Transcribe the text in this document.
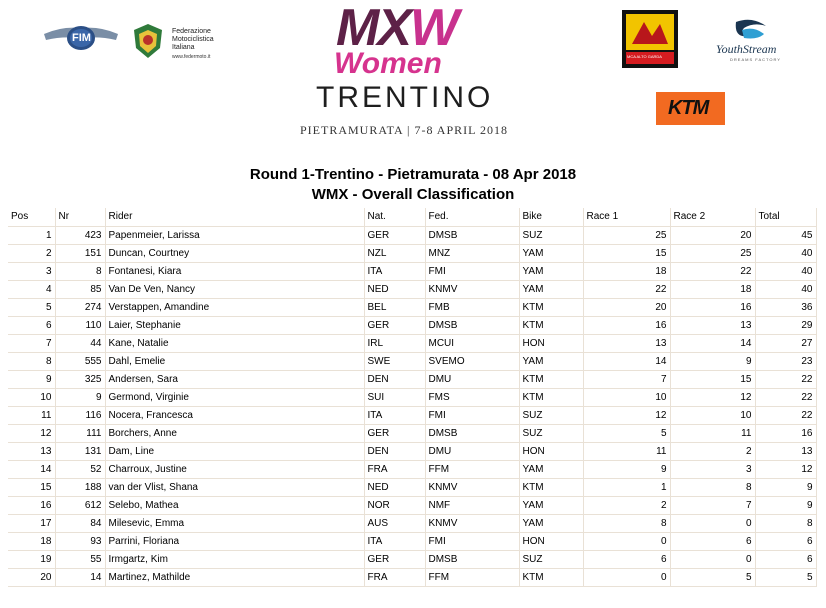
FIM
Federazione Motociclistica Italiana
www.federmoto.it MXW
Women
TRENTINO
PIETRAMURATA | 7-8 APRIL 2018
MCA ALTO GARDA
YouthStream
DREAMS FACTORY
KTM
Round 1-Trentino - Pietramurata - 08 Apr 2018
WMX - Overall Classification
Pos	Nr	Rider	Nat.	Fed.	Bike	Race 1	Race 2	Total
1	423	Papenmeier, Larissa	GER	DMSB	SUZ	25	20	45
2	151	Duncan, Courtney	NZL	MNZ	YAM	15	25	40
3	8	Fontanesi, Kiara	ITA	FMI	YAM	18	22	40
4	85	Van De Ven, Nancy	NED	KNMV	YAM	22	18	40
5	274	Verstappen, Amandine	BEL	FMB	KTM	20	16	36
6	110	Laier, Stephanie	GER	DMSB	KTM	16	13	29
7	44	Kane, Natalie	IRL	MCUI	HON	13	14	27
8	555	Dahl, Emelie	SWE	SVEMO	YAM	14	9	23
9	325	Andersen, Sara	DEN	DMU	KTM	7	15	22
10	9	Germond, Virginie	SUI	FMS	KTM	10	12	22
11	116	Nocera, Francesca	ITA	FMI	SUZ	12	10	22
12	111	Borchers, Anne	GER	DMSB	SUZ	5	11	16
13	131	Dam, Line	DEN	DMU	HON	11	2	13
14	52	Charroux, Justine	FRA	FFM	YAM	9	3	12
15	188	van der Vlist, Shana	NED	KNMV	KTM	1	8	9
16	612	Selebo, Mathea	NOR	NMF	YAM	2	7	9
17	84	Milesevic, Emma	AUS	KNMV	YAM	8	0	8
18	93	Parrini, Floriana	ITA	FMI	HON	0	6	6
19	55	Irmgartz, Kim	GER	DMSB	SUZ	6	0	6
20	14	Martinez, Mathilde	FRA	FFM	KTM	0	5	5
